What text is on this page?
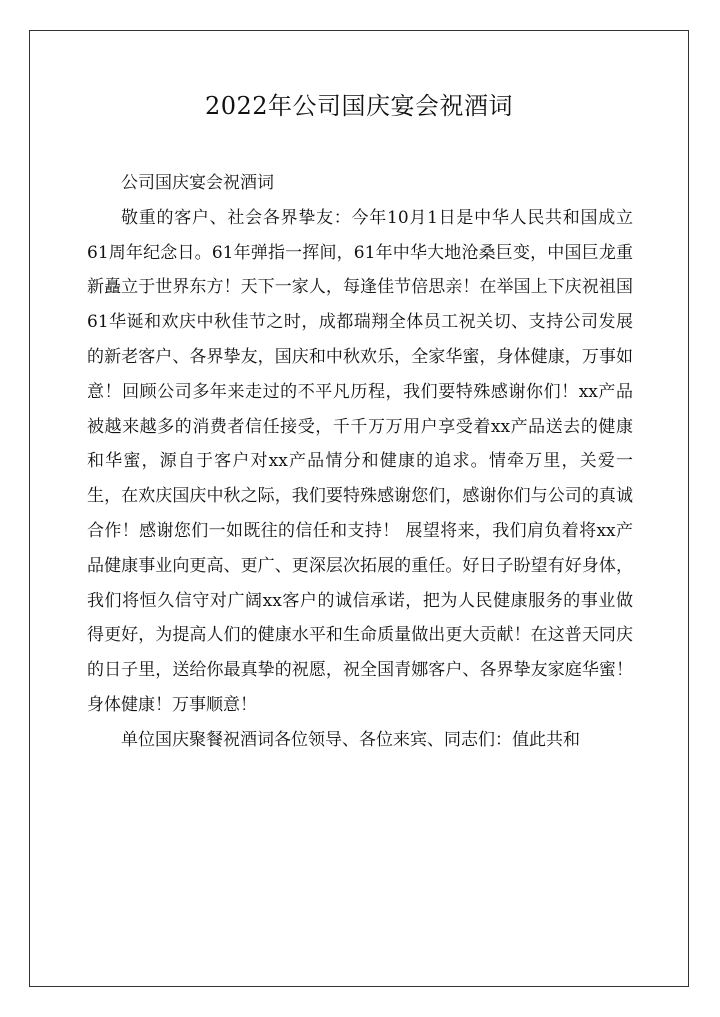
2022年公司国庆宴会祝酒词

公司国庆宴会祝酒词

敬重的客户、社会各界挚友：今年10月1日是中华人民共和国成立61周年纪念日。61年弹指一挥间，61年中华大地沧桑巨变，中国巨龙重新矗立于世界东方！天下一家人，每逢佳节倍思亲！在举国上下庆祝祖国61华诞和欢庆中秋佳节之时，成都瑞翔全体员工祝关切、支持公司发展的新老客户、各界挚友，国庆和中秋欢乐，全家华蜜，身体健康，万事如意！回顾公司多年来走过的不平凡历程，我们要特殊感谢你们！xx产品被越来越多的消费者信任接受，千千万万用户享受着xx产品送去的健康和华蜜，源自于客户对xx产品情分和健康的追求。情牵万里，关爱一生，在欢庆国庆中秋之际，我们要特殊感谢您们，感谢你们与公司的真诚合作！感谢您们一如既往的信任和支持！ 展望将来，我们肩负着将xx产品健康事业向更高、更广、更深层次拓展的重任。好日子盼望有好身体，我们将恒久信守对广阔xx客户的诚信承诺，把为人民健康服务的事业做得更好，为提高人们的健康水平和生命质量做出更大贡献！在这普天同庆的日子里，送给你最真挚的祝愿，祝全国青娜客户、各界挚友家庭华蜜！身体健康！万事顺意！

单位国庆聚餐祝酒词各位领导、各位来宾、同志们：值此共和
